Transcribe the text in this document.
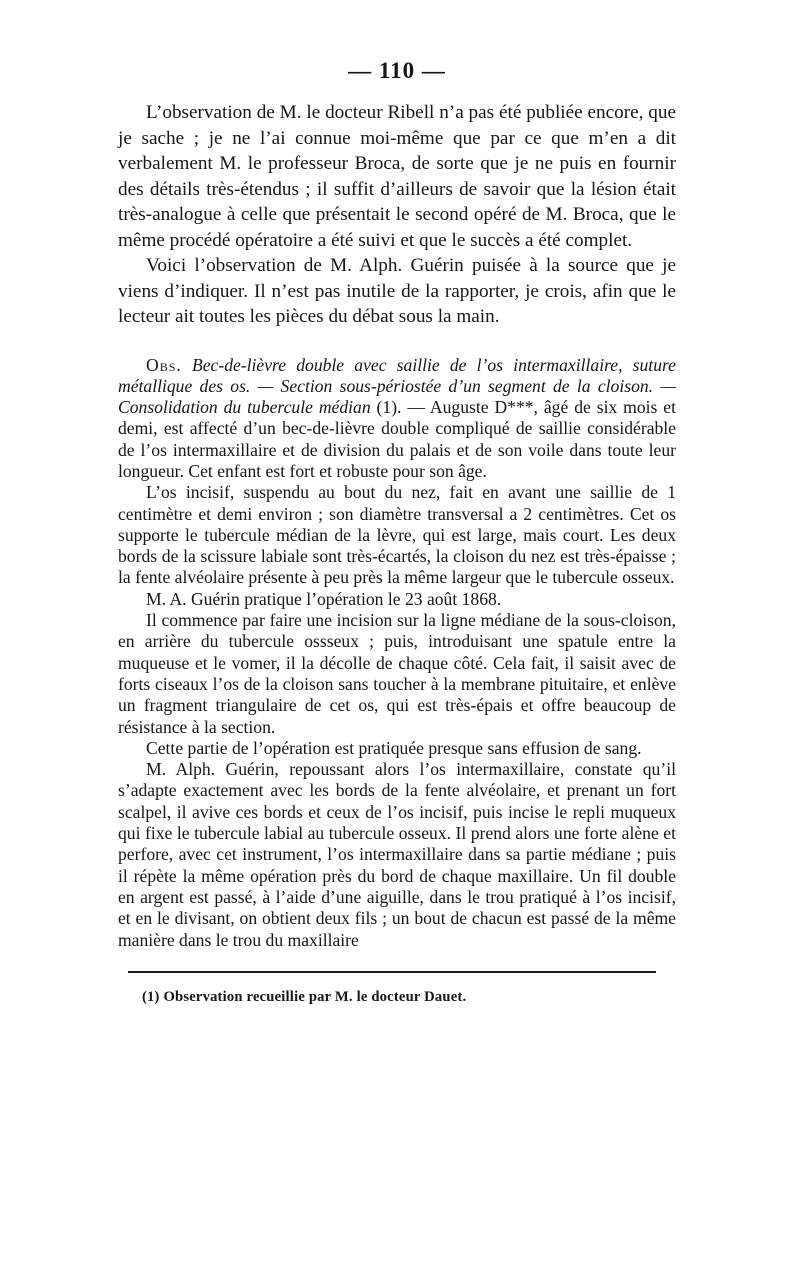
— 110 —

L’observation de M. le docteur Ribell n’a pas été publiée encore, que je sache ; je ne l’ai connue moi-même que par ce que m’en a dit verbalement M. le professeur Broca, de sorte que je ne puis en fournir des détails très-étendus ; il suffit d’ailleurs de savoir que la lésion était très-analogue à celle que présentait le second opéré de M. Broca, que le même procédé opératoire a été suivi et que le succès a été complet.

Voici l’observation de M. Alph. Guérin puisée à la source que je viens d’indiquer. Il n’est pas inutile de la rapporter, je crois, afin que le lecteur ait toutes les pièces du débat sous la main.

Obs. Bec-de-lièvre double avec saillie de l’os intermaxillaire, suture métallique des os. — Section sous-périostée d’un segment de la cloison. — Consolidation du tubercule médian (1). — Auguste D***, âgé de six mois et demi, est affecté d’un bec-de-lièvre double compliqué de saillie considérable de l’os intermaxillaire et de division du palais et de son voile dans toute leur longueur. Cet enfant est fort et robuste pour son âge.

L’os incisif, suspendu au bout du nez, fait en avant une saillie de 1 centimètre et demi environ ; son diamètre transversal a 2 centimètres. Cet os supporte le tubercule médian de la lèvre, qui est large, mais court. Les deux bords de la scissure labiale sont très-écartés, la cloison du nez est très-épaisse ; la fente alvéolaire présente à peu près la même largeur que le tubercule osseux.

M. A. Guérin pratique l’opération le 23 août 1868.

Il commence par faire une incision sur la ligne médiane de la sous-cloison, en arrière du tubercule ossseux ; puis, introduisant une spatule entre la muqueuse et le vomer, il la décolle de chaque côté. Cela fait, il saisit avec de forts ciseaux l’os de la cloison sans toucher à la membrane pituitaire, et enlève un fragment triangulaire de cet os, qui est très-épais et offre beaucoup de résistance à la section.

Cette partie de l’opération est pratiquée presque sans effusion de sang.

M. Alph. Guérin, repoussant alors l’os intermaxillaire, constate qu’il s’adapte exactement avec les bords de la fente alvéolaire, et prenant un fort scalpel, il avive ces bords et ceux de l’os incisif, puis incise le repli muqueux qui fixe le tubercule labial au tubercule osseux. Il prend alors une forte alène et perfore, avec cet instrument, l’os intermaxillaire dans sa partie médiane ; puis il répète la même opération près du bord de chaque maxillaire. Un fil double en argent est passé, à l’aide d’une aiguille, dans le trou pratiqué à l’os incisif, et en le divisant, on obtient deux fils ; un bout de chacun est passé de la même manière dans le trou du maxillaire

(1) Observation recueillie par M. le docteur Dauet.
